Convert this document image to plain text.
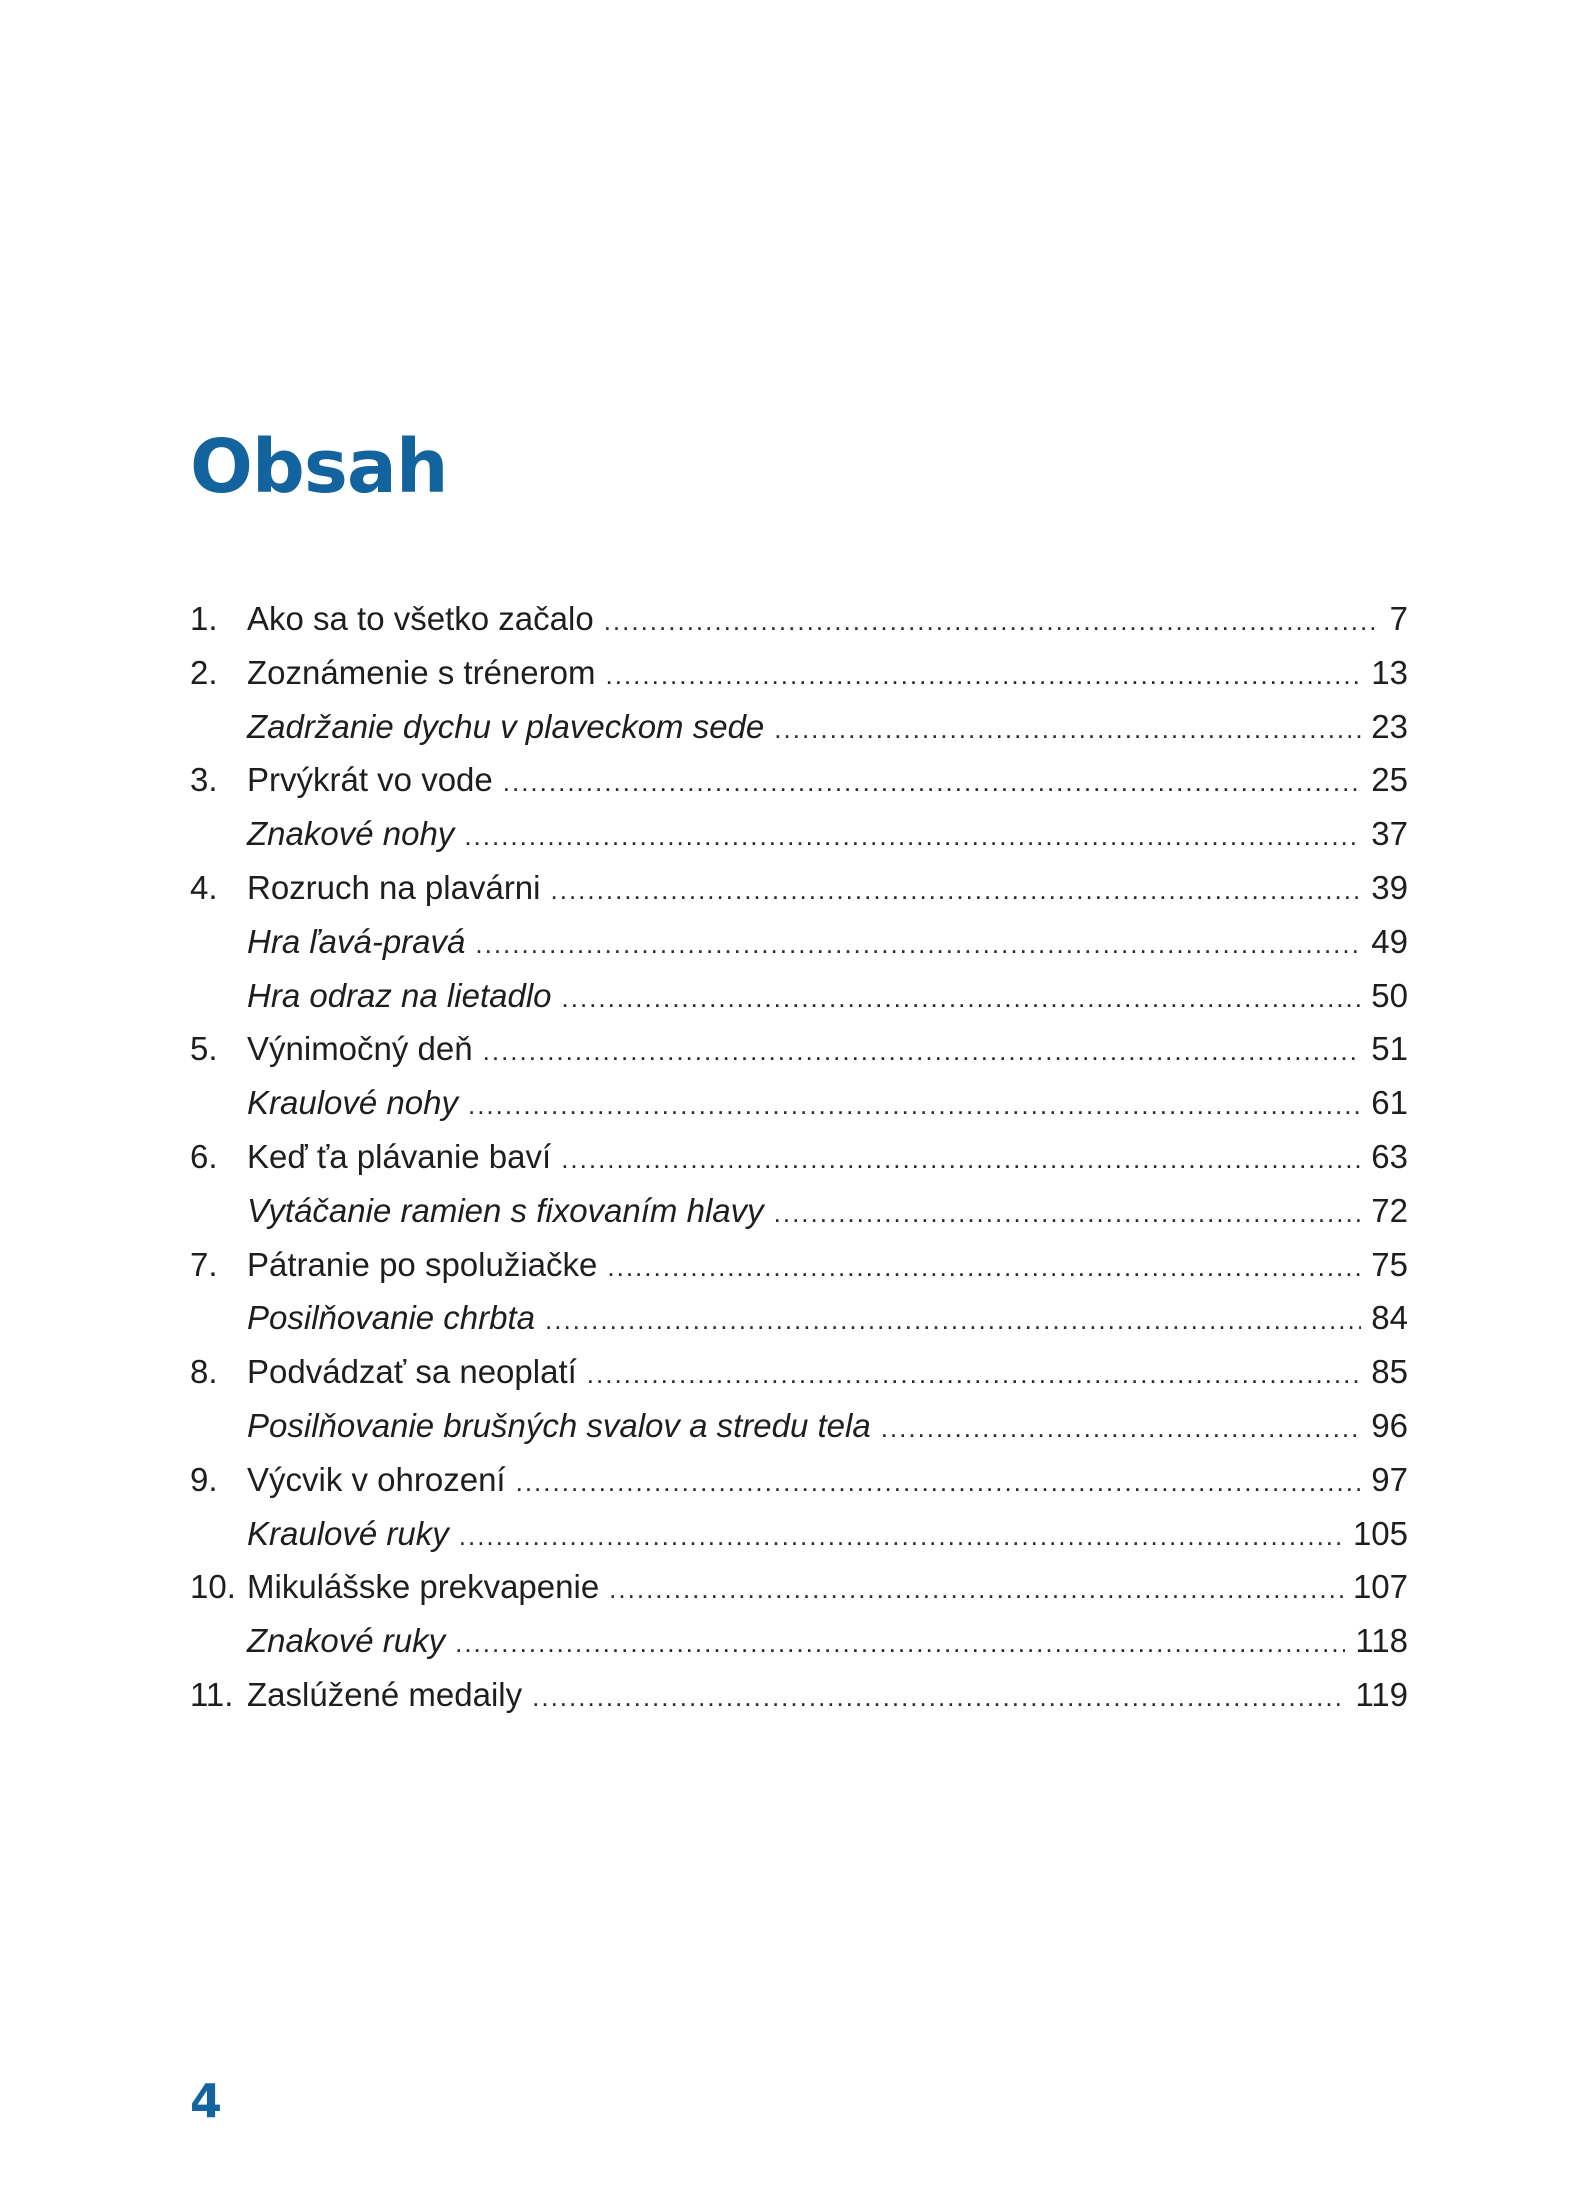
Obsah
1. Ako sa to všetko začalo .....	7
2. Zoznámenie s trénerom .....	13
Zadržanie dychu v plaveckom sede .....	23
3. Prvýkrát vo vode .....	25
Znakové nohy .....	37
4. Rozruch na plavárni .....	39
Hra ľavá-pravá .....	49
Hra odraz na lietadlo .....	50
5. Výnimočný deň .....	51
Kraulové nohy .....	61
6. Keď ťa plávanie baví .....	63
Vytáčanie ramien s fixovaním hlavy .....	72
7. Pátranie po spolužiačke .....	75
Posilňovanie chrbta .....	84
8. Podvádzať sa neoplatí .....	85
Posilňovanie brušných svalov a stredu tela .....	96
9. Výcvik v ohrození .....	97
Kraulové ruky .....	105
10. Mikulášske prekvapenie .....	107
Znakové ruky .....	118
11. Zaslúžené medaily .....	119
4
